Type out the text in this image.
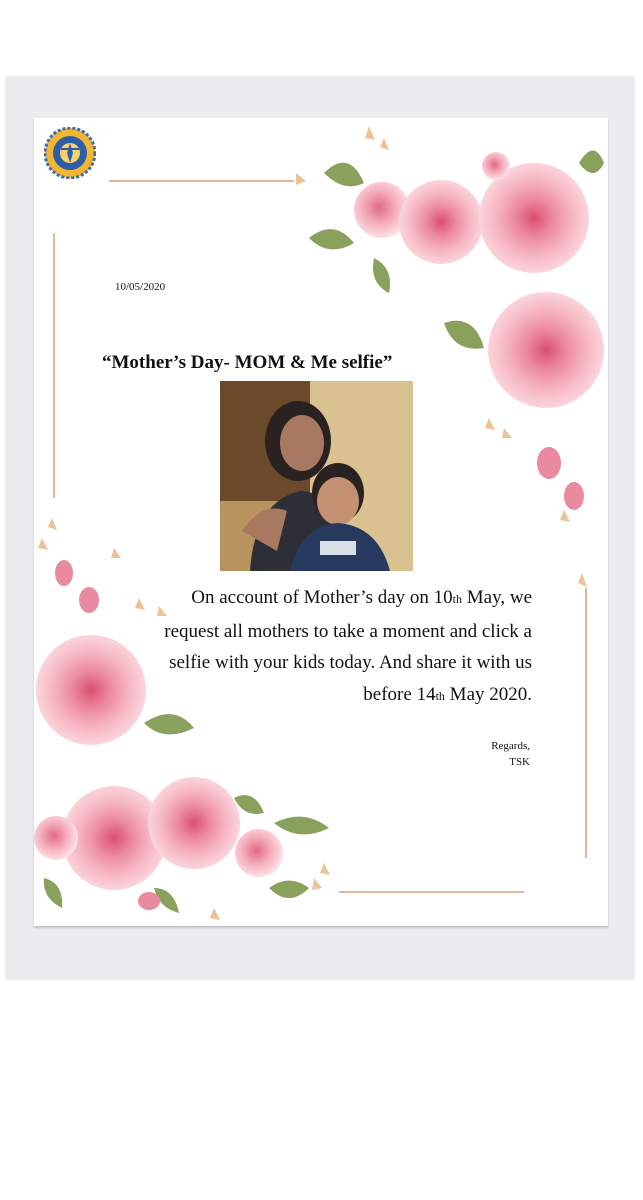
10/05/2020
“Mother’s Day- MOM & Me selfie”
On account of Mother’s day on 10th May, we
request all mothers to take a moment and click a
selfie with your kids today. And share it with us
before 14th May 2020.
Regards,
TSK
